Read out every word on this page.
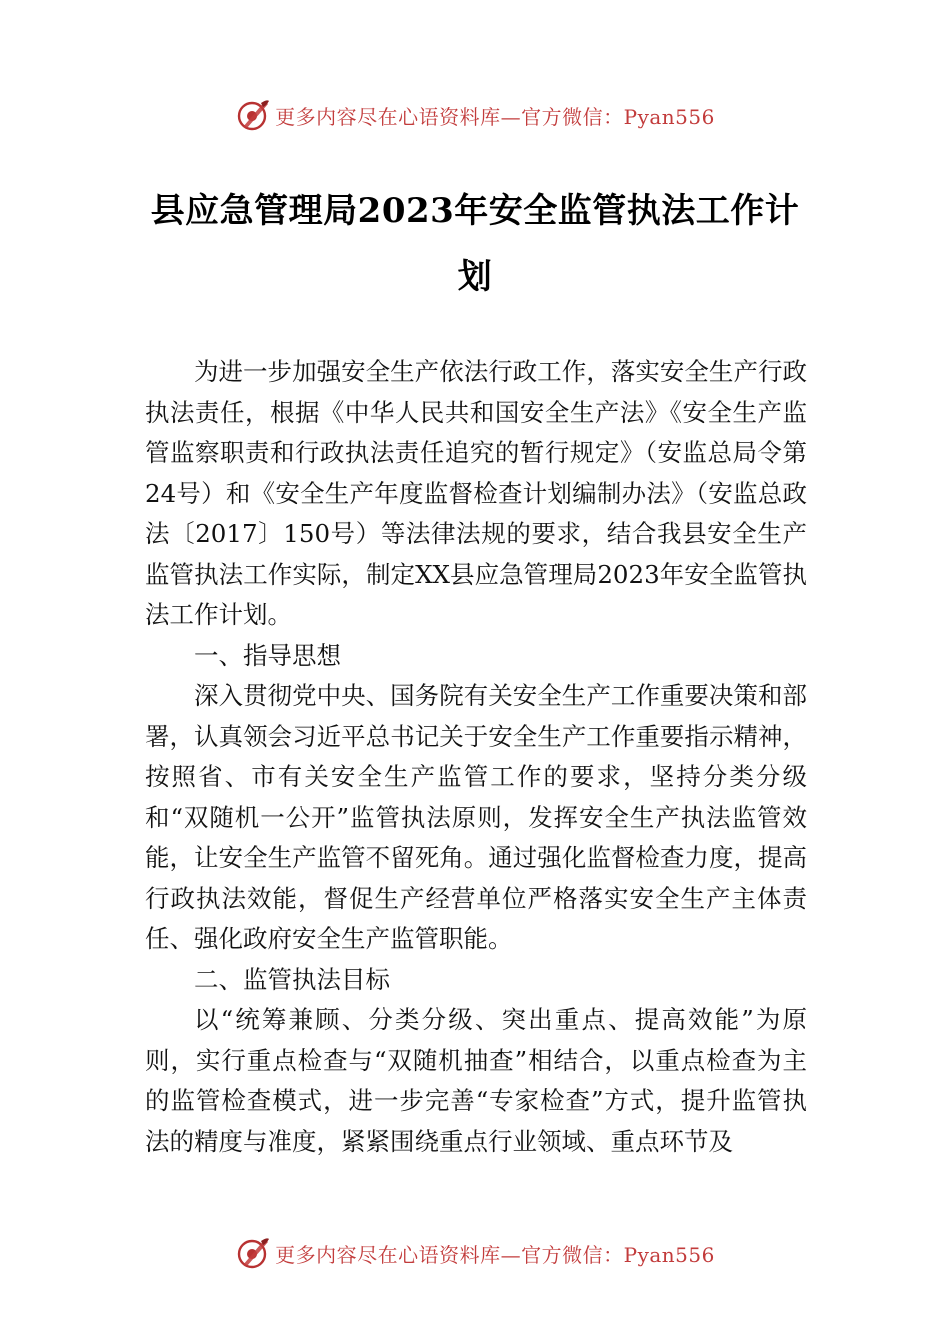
更多内容尽在心语资料库—官方微信：Pyan556
县应急管理局2023年安全监管执法工作计划

为进一步加强安全生产依法行政工作，落实安全生产行政执法责任，根据《中华人民共和国安全生产法》《安全生产监管监察职责和行政执法责任追究的暂行规定》（安监总局令第24号）和《安全生产年度监督检查计划编制办法》（安监总政法〔2017〕150号）等法律法规的要求，结合我县安全生产监管执法工作实际，制定XX县应急管理局2023年安全监管执法工作计划。

一、指导思想

深入贯彻党中央、国务院有关安全生产工作重要决策和部署，认真领会习近平总书记关于安全生产工作重要指示精神，按照省、市有关安全生产监管工作的要求，坚持分类分级和“双随机一公开”监管执法原则，发挥安全生产执法监管效能，让安全生产监管不留死角。通过强化监督检查力度，提高行政执法效能，督促生产经营单位严格落实安全生产主体责任、强化政府安全生产监管职能。

二、监管执法目标

以“统筹兼顾、分类分级、突出重点、提高效能”为原则，实行重点检查与“双随机抽查”相结合，以重点检查为主的监管检查模式，进一步完善“专家检查”方式，提升监管执法的精度与准度，紧紧围绕重点行业领域、重点环节及

更多内容尽在心语资料库—官方微信：Pyan556
